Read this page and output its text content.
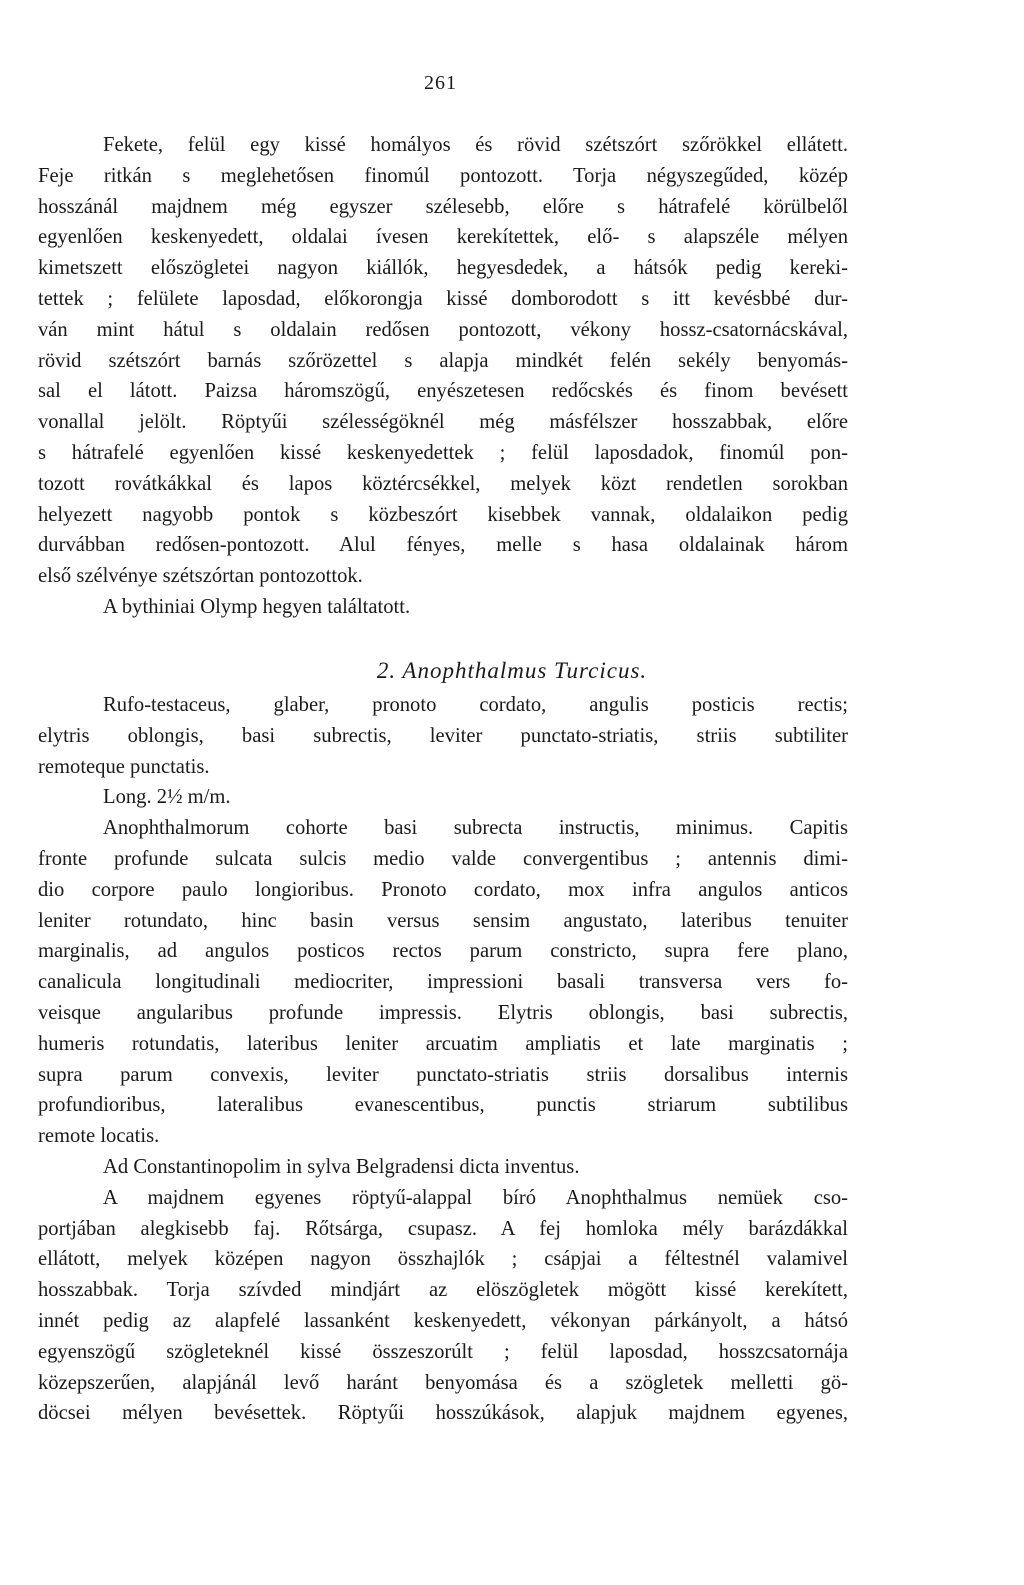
261
Fekete, felül egy kissé homályos és rövid szétszórt szőrökkel ellátett.
Feje ritkán s meglehetősen finomúl pontozott. Torja négyszegűded, közép
hosszánál majdnem még egyszer szélesebb, előre s hátrafelé körülbelől
egyenlően keskenyedett, oldalai ívesen kerekítettek, elő- s alapszéle mélyen
kimetszett előszögletei nagyon kiállók, hegyesdedek, a hátsók pedig kereki-
tettek ; felülete laposdad, előkorongja kissé domborodott s itt kevésbbé dur-
ván mint hátul s oldalain redősen pontozott, vékony hossz-csatornácskával,
rövid szétszórt barnás szőrözettel s alapja mindkét felén sekély benyomás-
sal el látott. Paizsa háromszögű, enyészetesen redőcskés és finom bevésett
vonallal jelölt. Röptyűi szélességöknél még másfélszer hosszabbak, előre
s hátrafelé egyenlően kissé keskenyedettek ; felül laposdadok, finomúl pon-
tozott rovátkákkal és lapos köztércsékkel, melyek közt rendetlen sorokban
helyezett nagyobb pontok s közbeszórt kisebbek vannak, oldalaikon pedig
durvábban redősen-pontozott. Alul fényes, melle s hasa oldalainak három
első szélvénye szétszórtan pontozottok.
A bythiniai Olymp hegyen találtatott.
2. Anophthalmus Turcicus.
Rufo-testaceus, glaber, pronoto cordato, angulis posticis rectis;
elytris oblongis, basi subrectis, leviter punctato-striatis, striis subtiliter
remoteque punctatis.
Long. 2½ m/m.
Anophthalmorum cohorte basi subrecta instructis, minimus. Capitis
fronte profunde sulcata sulcis medio valde convergentibus ; antennis dimi-
dio corpore paulo longioribus. Pronoto cordato, mox infra angulos anticos
leniter rotundato, hinc basin versus sensim angustato, lateribus tenuiter
marginalis, ad angulos posticos rectos parum constricto, supra fere plano,
canalicula longitudinali mediocriter, impressioni basali transversa vers fo-
veisque angularibus profunde impressis. Elytris oblongis, basi subrectis,
humeris rotundatis, lateribus leniter arcuatim ampliatis et late marginatis ;
supra parum convexis, leviter punctato-striatis striis dorsalibus internis
profundioribus, lateralibus evanescentibus, punctis striarum subtilibus
remote locatis.
Ad Constantinopolim in sylva Belgradensi dicta inventus.
A majdnem egyenes röptyű-alappal bíró Anophthalmus nemüek cso-
portjában alegkisebb faj. Rőtsárga, csupasz. A fej homloka mély barázdákkal
ellátott, melyek középen nagyon összhajlók ; csápjai a féltestnél valamivel
hosszabbak. Torja szívded mindjárt az elöszögletek mögött kissé kerekített,
innét pedig az alapfelé lassanként keskenyedett, vékonyan párkányolt, a hátsó
egyenszögű szögleteknél kissé összeszorúlt ; felül laposdad, hosszcsatornája
közepszerűen, alapjánál levő haránt benyomása és a szögletek melletti gö-
döcsei mélyen bevésettek. Röptyűi hosszúkások, alapjuk majdnem egyenes,
